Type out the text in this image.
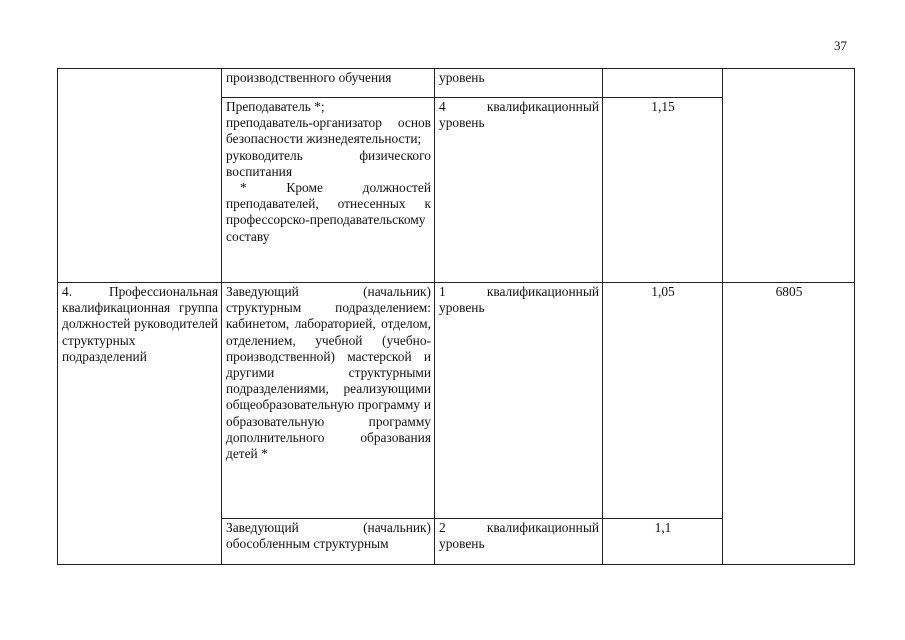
37
	производственного обучения	уровень		

	Преподаватель *;
преподаватель-организатор основ безопасности жизнедеятельности;
руководитель физического воспитания
* Кроме должностей преподавателей, отнесенных к профессорско-преподавательскому составу	4 квалификационный уровень	1,15	
4. Профессиональная квалификационная группа должностей руководителей структурных подразделений	Заведующий (начальник) структурным подразделением: кабинетом, лабораторией, отделом, отделением, учебной (учебно-производственной) мастерской и другими структурными подразделениями, реализующими общеобразовательную программу и образовательную программу дополнительного образования детей *	1 квалификационный уровень	1,05	6805
	Заведующий (начальник) обособленным структурным	2 квалификационный уровень	1,1	
